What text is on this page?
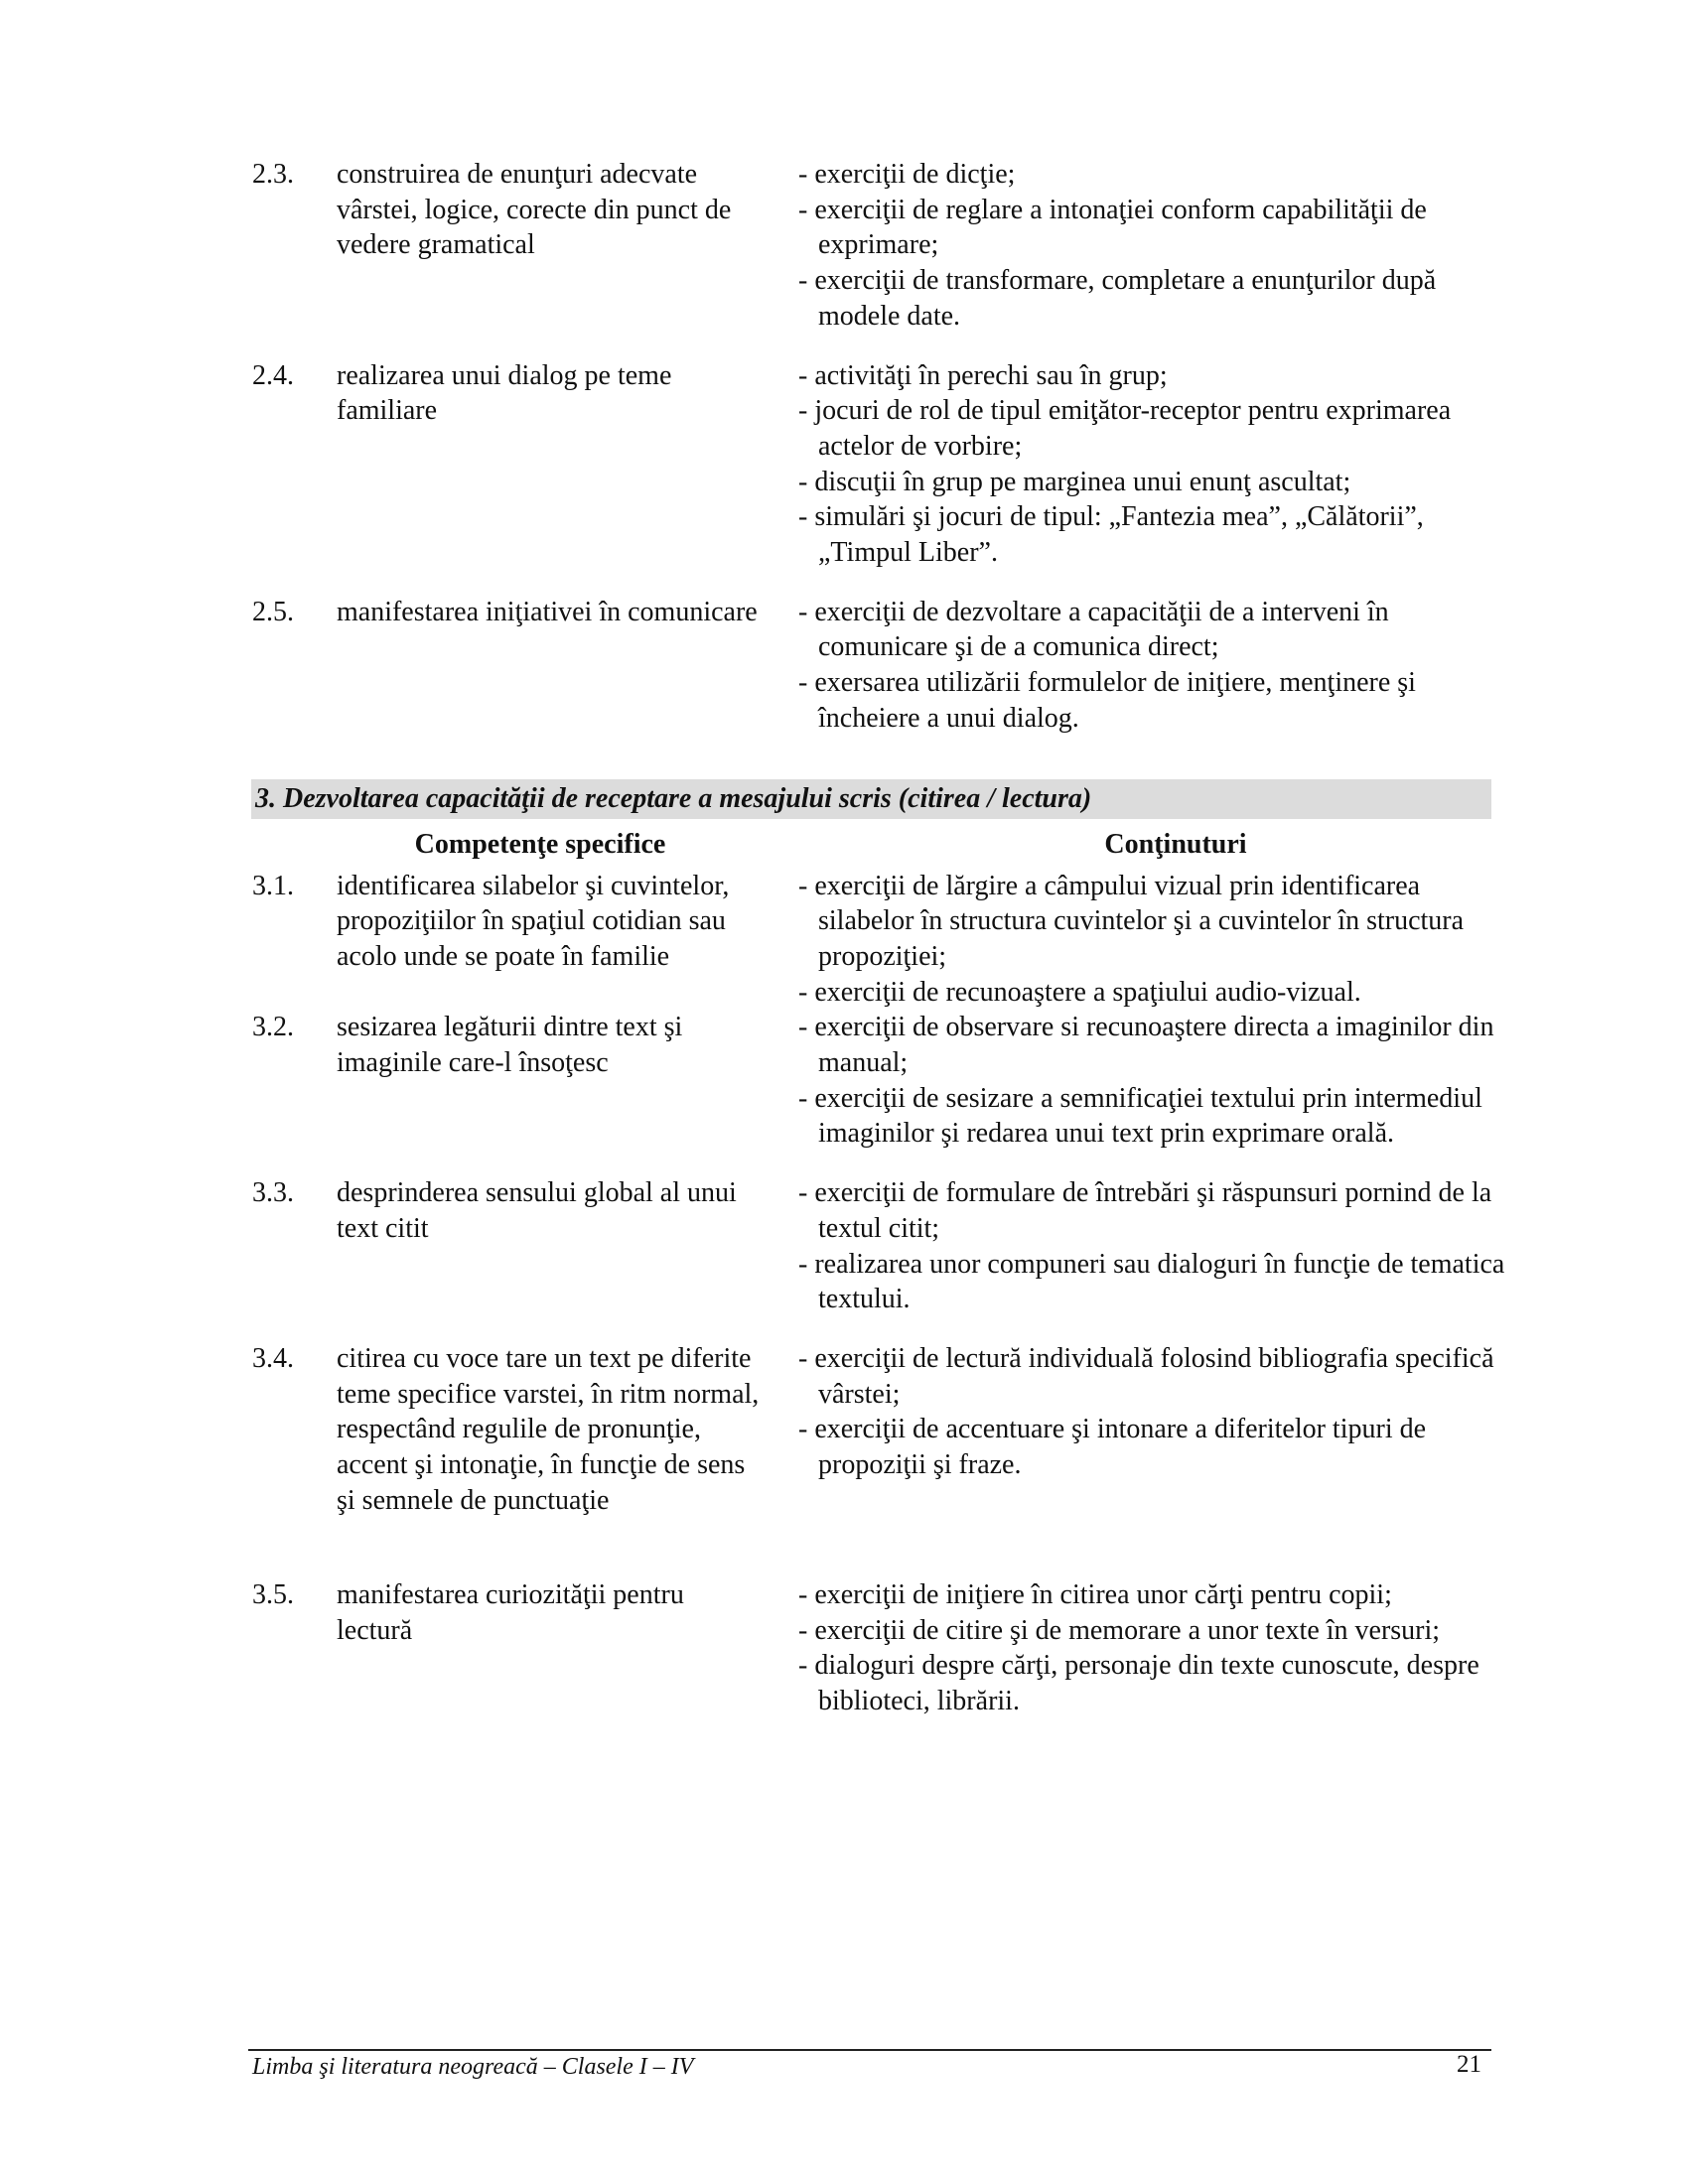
2.3.	construirea de enunţuri adecvate vârstei, logice, corecte din punct de vedere gramatical
- exerciţii de dicţie;
- exerciţii de reglare a intonaţiei conform capabilităţii de exprimare;
- exerciţii de transformare, completare a enunţurilor după modele date.
2.4.	realizarea unui dialog pe teme familiare
- activităţi în perechi sau în grup;
- jocuri de rol de tipul emiţător-receptor pentru exprimarea actelor de vorbire;
- discuţii în grup pe marginea unui enunţ ascultat;
- simulări şi jocuri de tipul: „Fantezia mea”, „Călătorii”, „Timpul Liber”.
2.5.	manifestarea iniţiativei în comunicare - exerciţii de dezvoltare a capacităţii de a interveni în comunicare şi de a comunica direct;
- exersarea utilizării formulelor de iniţiere, menţinere şi încheiere a unui dialog.
3. Dezvoltarea capacităţii de receptare a mesajului scris (citirea / lectura)
Competenţe specifice	Conţinuturi
3.1.	identificarea silabelor şi cuvintelor, propoziţiilor în spaţiul cotidian sau acolo unde se poate în familie
- exerciţii de lărgire a câmpului vizual prin identificarea silabelor în structura cuvintelor şi a cuvintelor în structura propoziţiei;
- exerciţii de recunoaştere a spaţiului audio-vizual.
3.2.	sesizarea legăturii dintre text şi imaginile care-l însoţesc
- exerciţii de observare si recunoaştere directa a imaginilor din manual;
- exerciţii de sesizare a semnificaţiei textului prin intermediul imaginilor şi redarea unui text prin exprimare orală.
3.3.	desprinderea sensului global al unui text citit
- exerciţii de formulare de întrebări şi răspunsuri pornind de la textul citit;
- realizarea unor compuneri sau dialoguri în funcţie de tematica textului.
3.4.	citirea cu voce tare un text pe diferite teme specifice varstei, în ritm normal, respectând regulile de pronunţie, accent şi intonaţie, în funcţie de sens şi semnele de punctuaţie
- exerciţii de lectură individuală folosind bibliografia specifică vârstei;
- exerciţii de accentuare şi intonare a diferitelor tipuri de propoziţii şi fraze.
3.5.	manifestarea curiozităţii pentru lectură
- exerciţii de iniţiere în citirea unor cărţi pentru copii;
- exerciţii de citire şi de memorare a unor texte în versuri;
- dialoguri despre cărţi, personaje din texte cunoscute, despre biblioteci, librării.
Limba şi literatura neogreacă – Clasele I – IV	21
